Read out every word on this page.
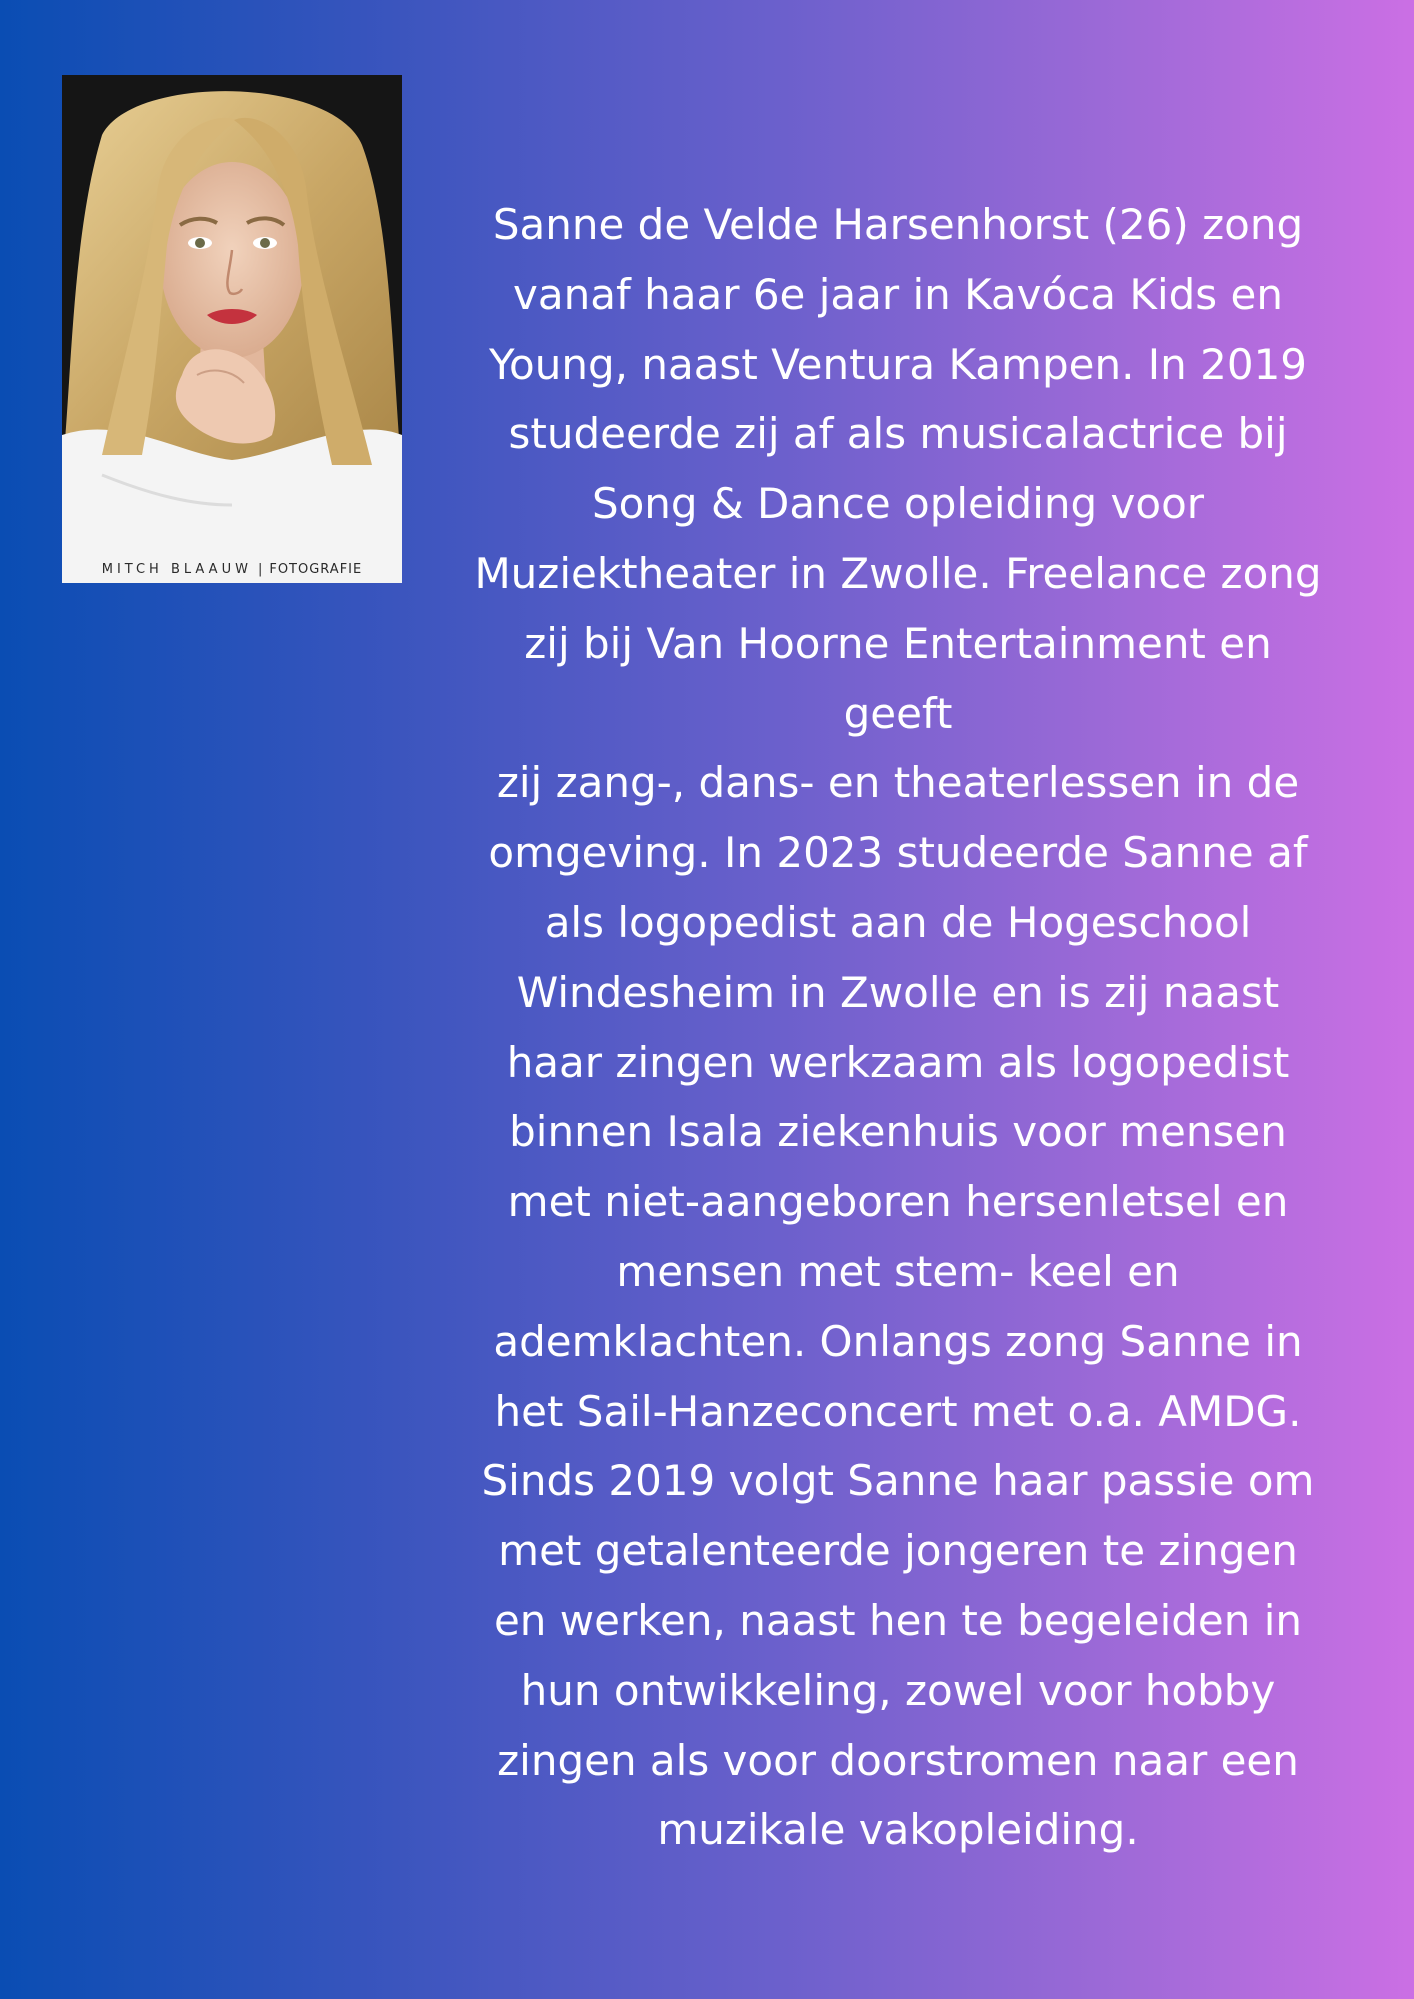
MITCH BLAAUW | FOTOGRAFIE

Sanne de Velde Harsenhorst (26) zong
vanaf haar 6e jaar in Kavóca Kids en
Young, naast Ventura Kampen. In 2019
studeerde zij af als musicalactrice bij
Song & Dance opleiding voor
Muziektheater in Zwolle. Freelance zong
zij bij Van Hoorne Entertainment en
geeft
zij zang-, dans- en theaterlessen in de
omgeving. In 2023 studeerde Sanne af
als logopedist aan de Hogeschool
Windesheim in Zwolle en is zij naast
haar zingen werkzaam als logopedist
binnen Isala ziekenhuis voor mensen
met niet-aangeboren hersenletsel en
mensen met stem- keel en
ademklachten. Onlangs zong Sanne in
het Sail-Hanzeconcert met o.a. AMDG.
Sinds 2019 volgt Sanne haar passie om
met getalenteerde jongeren te zingen
en werken, naast hen te begeleiden in
hun ontwikkeling, zowel voor hobby
zingen als voor doorstromen naar een
muzikale vakopleiding.
